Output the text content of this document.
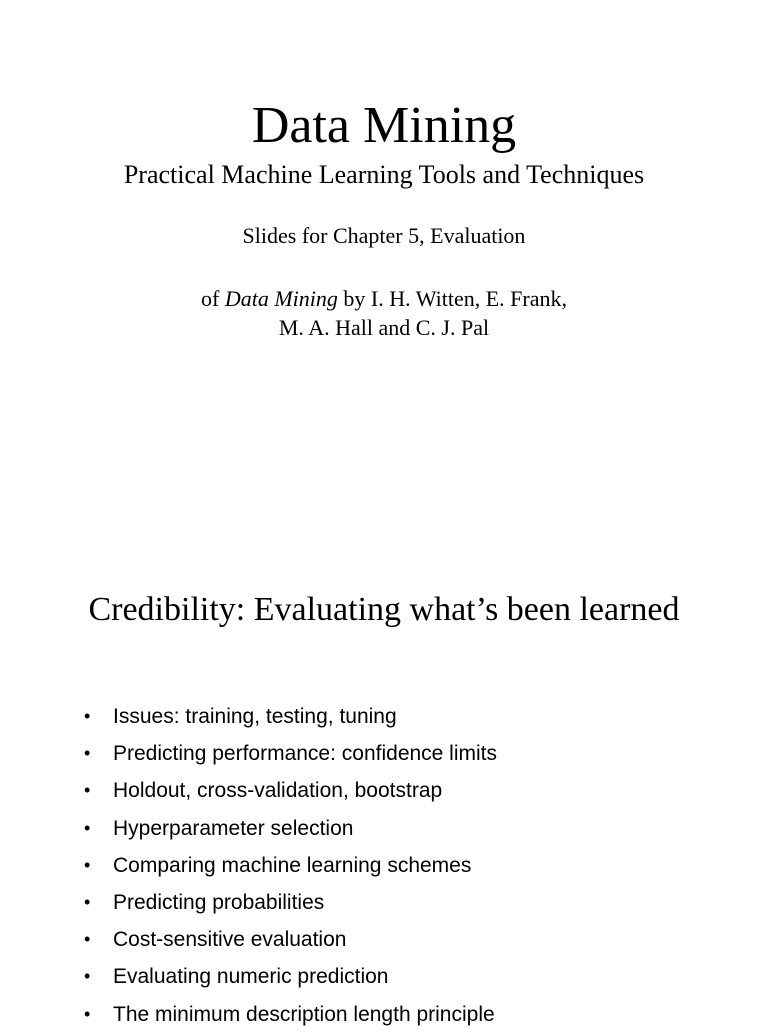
Data Mining
Practical Machine Learning Tools and Techniques
Slides for Chapter 5, Evaluation
of Data Mining by I. H. Witten, E. Frank,
M. A. Hall and C. J. Pal
Credibility: Evaluating what’s been learned
• Issues: training, testing, tuning
• Predicting performance: confidence limits
• Holdout, cross-validation, bootstrap
• Hyperparameter selection
• Comparing machine learning schemes
• Predicting probabilities
• Cost-sensitive evaluation
• Evaluating numeric prediction
• The minimum description length principle
